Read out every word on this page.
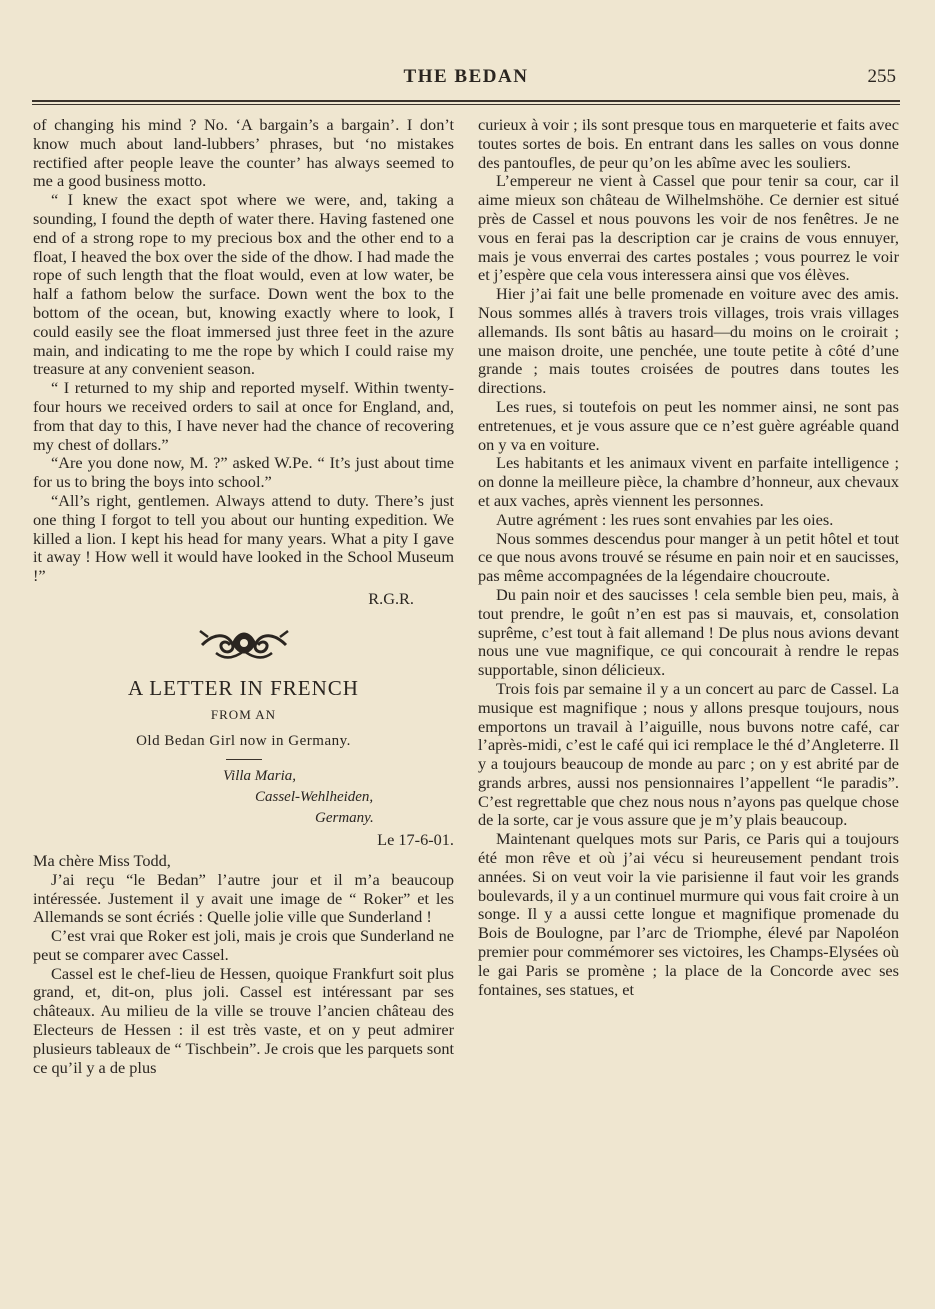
THE BEDAN	255

of changing his mind ? No. ‘A bargain’s a bargain’. I don’t know much about land-lubbers’ phrases, but ‘no mistakes rectified after people leave the counter’ has always seemed to me a good business motto.

“ I knew the exact spot where we were, and, taking a sounding, I found the depth of water there. Having fastened one end of a strong rope to my precious box and the other end to a float, I heaved the box over the side of the dhow. I had made the rope of such length that the float would, even at low water, be half a fathom below the surface. Down went the box to the bottom of the ocean, but, knowing exactly where to look, I could easily see the float immersed just three feet in the azure main, and indicating to me the rope by which I could raise my treasure at any convenient season.

“ I returned to my ship and reported myself. Within twenty-four hours we received orders to sail at once for England, and, from that day to this, I have never had the chance of recovering my chest of dollars.”

“Are you done now, M. ?” asked W.Pe. “ It’s just about time for us to bring the boys into school.”

“All’s right, gentlemen. Always attend to duty. There’s just one thing I forgot to tell you about our hunting expedition. We killed a lion. I kept his head for many years. What a pity I gave it away ! How well it would have looked in the School Museum !”

R.G.R.
A LETTER IN FRENCH
FROM AN
Old Bedan Girl now in Germany.
Villa Maria,
Cassel-Wehlheiden,
Germany.
Le 17-6-01.
Ma chère Miss Todd,

J’ai reçu “le Bedan” l’autre jour et il m’a beaucoup intéressée. Justement il y avait une image de “ Roker” et les Allemands se sont écriés : Quelle jolie ville que Sunderland !

C’est vrai que Roker est joli, mais je crois que Sunderland ne peut se comparer avec Cassel.

Cassel est le chef-lieu de Hessen, quoique Frankfurt soit plus grand, et, dit-on, plus joli. Cassel est intéressant par ses châteaux. Au milieu de la ville se trouve l’ancien château des Electeurs de Hessen : il est très vaste, et on y peut admirer plusieurs tableaux de “ Tischbein”. Je crois que les parquets sont ce qu’il y a de plus

curieux à voir ; ils sont presque tous en marqueterie et faits avec toutes sortes de bois. En entrant dans les salles on vous donne des pantoufles, de peur qu’on les abîme avec les souliers.

L’empereur ne vient à Cassel que pour tenir sa cour, car il aime mieux son château de Wilhelmshöhe. Ce dernier est situé près de Cassel et nous pouvons les voir de nos fenêtres. Je ne vous en ferai pas la description car je crains de vous ennuyer, mais je vous enverrai des cartes postales ; vous pourrez le voir et j’espère que cela vous interessera ainsi que vos élèves.

Hier j’ai fait une belle promenade en voiture avec des amis. Nous sommes allés à travers trois villages, trois vrais villages allemands. Ils sont bâtis au hasard—du moins on le croirait ; une maison droite, une penchée, une toute petite à côté d’une grande ; mais toutes croisées de poutres dans toutes les directions.

Les rues, si toutefois on peut les nommer ainsi, ne sont pas entretenues, et je vous assure que ce n’est guère agréable quand on y va en voiture.

Les habitants et les animaux vivent en parfaite intelligence ; on donne la meilleure pièce, la chambre d’honneur, aux chevaux et aux vaches, après viennent les personnes.

Autre agrément : les rues sont envahies par les oies.

Nous sommes descendus pour manger à un petit hôtel et tout ce que nous avons trouvé se résume en pain noir et en saucisses, pas même accompagnées de la légendaire choucroute.

Du pain noir et des saucisses ! cela semble bien peu, mais, à tout prendre, le goût n’en est pas si mauvais, et, consolation suprême, c’est tout à fait allemand ! De plus nous avions devant nous une vue magnifique, ce qui concourait à rendre le repas supportable, sinon délicieux.

Trois fois par semaine il y a un concert au parc de Cassel. La musique est magnifique ; nous y allons presque toujours, nous emportons un travail à l’aiguille, nous buvons notre café, car l’après-midi, c’est le café qui ici remplace le thé d’Angleterre. Il y a toujours beaucoup de monde au parc ; on y est abrité par de grands arbres, aussi nos pensionnaires l’appellent “le paradis”. C’est regrettable que chez nous nous n’ayons pas quelque chose de la sorte, car je vous assure que je m’y plais beaucoup.

Maintenant quelques mots sur Paris, ce Paris qui a toujours été mon rêve et où j’ai vécu si heureusement pendant trois années. Si on veut voir la vie parisienne il faut voir les grands boulevards, il y a un continuel murmure qui vous fait croire à un songe. Il y a aussi cette longue et magnifique promenade du Bois de Boulogne, par l’arc de Triomphe, élevé par Napoléon premier pour commémorer ses victoires, les Champs-Elysées où le gai Paris se promène ; la place de la Concorde avec ses fontaines, ses statues, et
